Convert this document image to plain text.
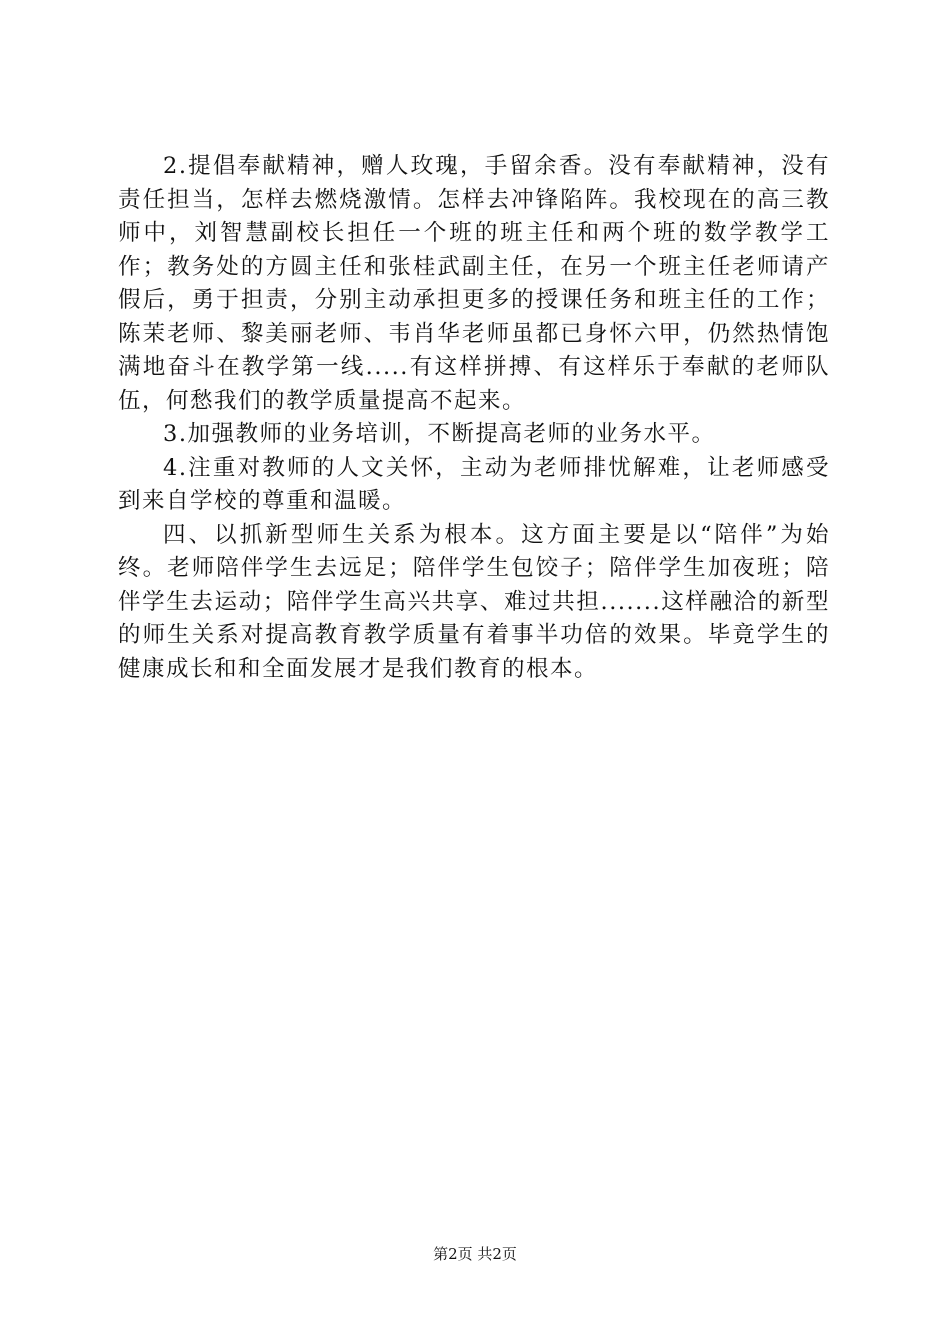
2.提倡奉献精神，赠人玫瑰，手留余香。没有奉献精神，没有责任担当，怎样去燃烧激情。怎样去冲锋陷阵。我校现在的高三教师中，刘智慧副校长担任一个班的班主任和两个班的数学教学工作；教务处的方圆主任和张桂武副主任，在另一个班主任老师请产假后，勇于担责，分别主动承担更多的授课任务和班主任的工作；陈茉老师、黎美丽老师、韦肖华老师虽都已身怀六甲，仍然热情饱满地奋斗在教学第一线.....有这样拼搏、有这样乐于奉献的老师队伍，何愁我们的教学质量提高不起来。

3.加强教师的业务培训，不断提高老师的业务水平。

4.注重对教师的人文关怀，主动为老师排忧解难，让老师感受到来自学校的尊重和温暖。

四、以抓新型师生关系为根本。这方面主要是以“陪伴”为始终。老师陪伴学生去远足；陪伴学生包饺子；陪伴学生加夜班；陪伴学生去运动；陪伴学生高兴共享、难过共担.......这样融洽的新型的师生关系对提高教育教学质量有着事半功倍的效果。毕竟学生的健康成长和和全面发展才是我们教育的根本。

第2页 共2页
